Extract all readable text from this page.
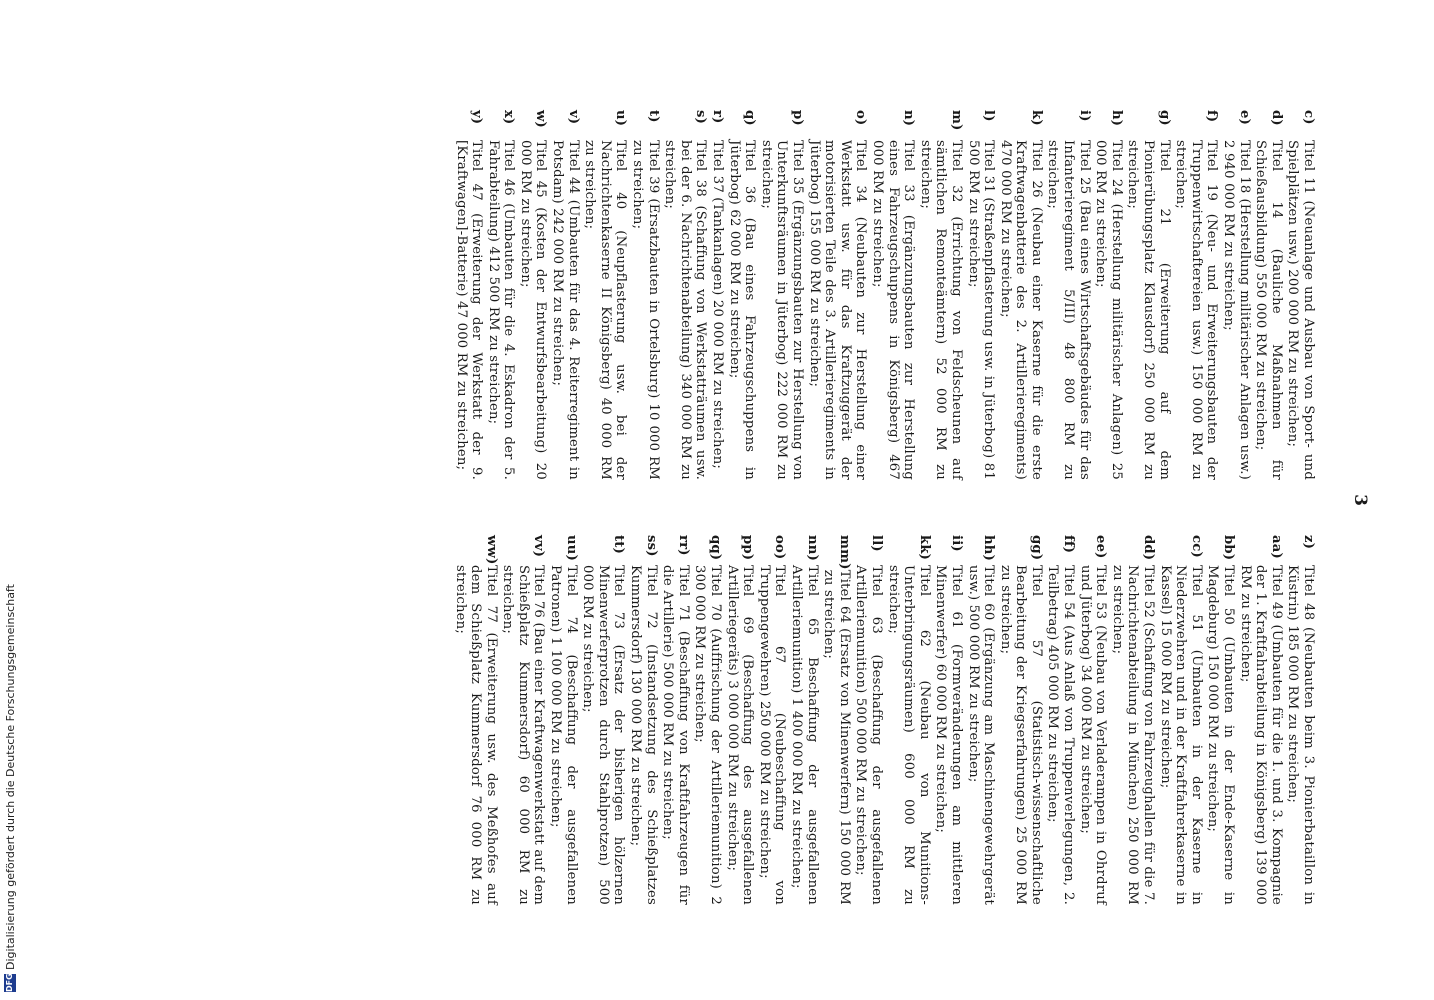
3
c)
Titel 11 (Neuanlage und Ausbau von Sport- und Spielplätzen usw.) 200 000 RM zu streichen;
d)
Titel 14 (Bauliche Maßnahmen für Schießausbildung) 550 000 RM zu streichen;
e)
Titel 18 (Herstellung militärischer Anlagen usw.) 2 940 000 RM zu streichen;
f)
Titel 19 (Neu- und Erweiterungsbauten der Truppenwirtschaftereien usw.) 150 000 RM zu streichen;
g)
Titel 21 (Erweiterung auf dem Pionierübungsplatz Klausdorf) 250 000 RM zu streichen;
h)
Titel 24 (Herstellung militärischer Anlagen) 25 000 RM zu streichen;
i)
Titel 25 (Bau eines Wirtschaftsgebäudes für das Infanterieregiment 5/III) 48 800 RM zu streichen;
k)
Titel 26 (Neubau einer Kaserne für die erste Kraftwagenbatterie des 2. Artillerieregiments) 470 000 RM zu streichen;
l)
Titel 31 (Straßenpflasterung usw. in Jüterbog) 81 500 RM zu streichen;
m)
Titel 32 (Errichtung von Feldscheunen auf sämtlichen Remonteämtern) 52 000 RM zu streichen;
n)
Titel 33 (Ergänzungsbauten zur Herstellung eines Fahrzeugschuppens in Königsberg) 467 000 RM zu streichen;
o)
Titel 34 (Neubauten zur Herstellung einer Werkstatt usw. für das Kraftzuggerät der motorisierten Teile des 3. Artillerieregiments in Jüterbog) 155 000 RM zu streichen;
p)
Titel 35 (Ergänzungsbauten zur Herstellung von Unterkunftsräumen in Jüterbog) 222 000 RM zu streichen;
q)
Titel 36 (Bau eines Fahrzeugschuppens in Jüterbog) 62 000 RM zu streichen;
r)
Titel 37 (Tankanlagen) 20 000 RM zu streichen;
s)
Titel 38 (Schaffung von Werkstatträumen usw. bei der 6. Nachrichtenabteilung) 340 000 RM zu streichen;
t)
Titel 39 (Ersatzbauten in Ortelsburg) 10 000 RM zu streichen;
u)
Titel 40 (Neupflasterung usw. bei der Nachrichtenkaserne II Königsberg) 40 000 RM zu streichen;
v)
Titel 44 (Umbauten für das 4. Reiterregiment in Potsdam) 242 000 RM zu streichen;
w)
Titel 45 (Kosten der Entwurfsbearbeitung) 20 000 RM zu streichen;
x)
Titel 46 (Umbauten für die 4. Eskadron der 5. Fahrabteilung) 412 500 RM zu streichen;
y)
Titel 47 (Erweiterung der Werkstatt der 9. [Kraftwagen]-Batterie) 47 000 RM zu streichen;
z)
Titel 48 (Neubauten beim 3. Pionierbataillon in Küstrin) 185 000 RM zu streichen;
aa)
Titel 49 (Umbauten für die 1. und 3. Kompagnie der 1. Kraftfahrabteilung in Königsberg) 139 000 RM zu streichen;
bb)
Titel 50 (Umbauten in der Ende-Kaserne in Magdeburg) 150 000 RM zu streichen;
cc)
Titel 51 (Umbauten in der Kaserne in Niederzwehren und in der Kraftfahrerkaserne in Kassel) 15 000 RM zu streichen;
dd)
Titel 52 (Schaffung von Fahrzeughallen für die 7. Nachrichtenabteilung in München) 250 000 RM zu streichen;
ee)
Titel 53 (Neubau von Verladerampen in Ohrdruf und Jüterbog) 34 000 RM zu streichen;
ff)
Titel 54 (Aus Anlaß von Truppenverlegungen, 2. Teilbetrag) 405 000 RM zu streichen;
gg)
Titel 57 (Statistisch-wissenschaftliche Bearbeitung der Kriegserfahrungen) 25 000 RM zu streichen;
hh)
Titel 60 (Ergänzung am Maschinengewehrgerät usw.) 500 000 RM zu streichen;
ii)
Titel 61 (Formveränderungen am mittleren Minenwerfer) 60 000 RM zu streichen;
kk)
Titel 62 (Neubau von Munitions-Unterbringungsräumen) 600 000 RM zu streichen;
ll)
Titel 63 (Beschaffung der ausgefallenen Artilleriemunition) 500 000 RM zu streichen;
mm)
Titel 64 (Ersatz von Minenwerfern) 150 000 RM zu streichen;
nn)
Titel 65 Beschaffung der ausgefallenen Artilleriemunition) 1 400 000 RM zu streichen;
oo)
Titel 67 (Neubeschaffung von Truppengewehren) 250 000 RM zu streichen;
pp)
Titel 69 (Beschaffung des ausgefallenen Artilleriegeräts) 3 000 000 RM zu streichen;
qq)
Titel 70 (Auffrischung der Artilleriemunition) 2 300 000 RM zu streichen;
rr)
Titel 71 (Beschaffung von Kraftfahrzeugen für die Artillerie) 500 000 RM zu streichen;
ss)
Titel 72 (Instandsetzung des Schießplatzes Kummersdorf) 130 000 RM zu streichen;
tt)
Titel 73 (Ersatz der bisherigen hölzernen Minenwerferprotzen durch Stahlprotzen) 500 000 RM zu streichen;
uu)
Titel 74 (Beschaffung der ausgefallenen Patronen) 1 100 000 RM zu streichen;
vv)
Titel 76 (Bau einer Kraftwagenwerkstatt auf dem Schießplatz Kummersdorf) 60 000 RM zu streichen;
ww)
Titel 77 (Erweiterung usw. des Meßhofes auf dem Schießplatz Kummersdorf 76 000 RM zu streichen;
DFG
Digitalisierung gefördert durch die Deutsche Forschungsgemeinschaft
